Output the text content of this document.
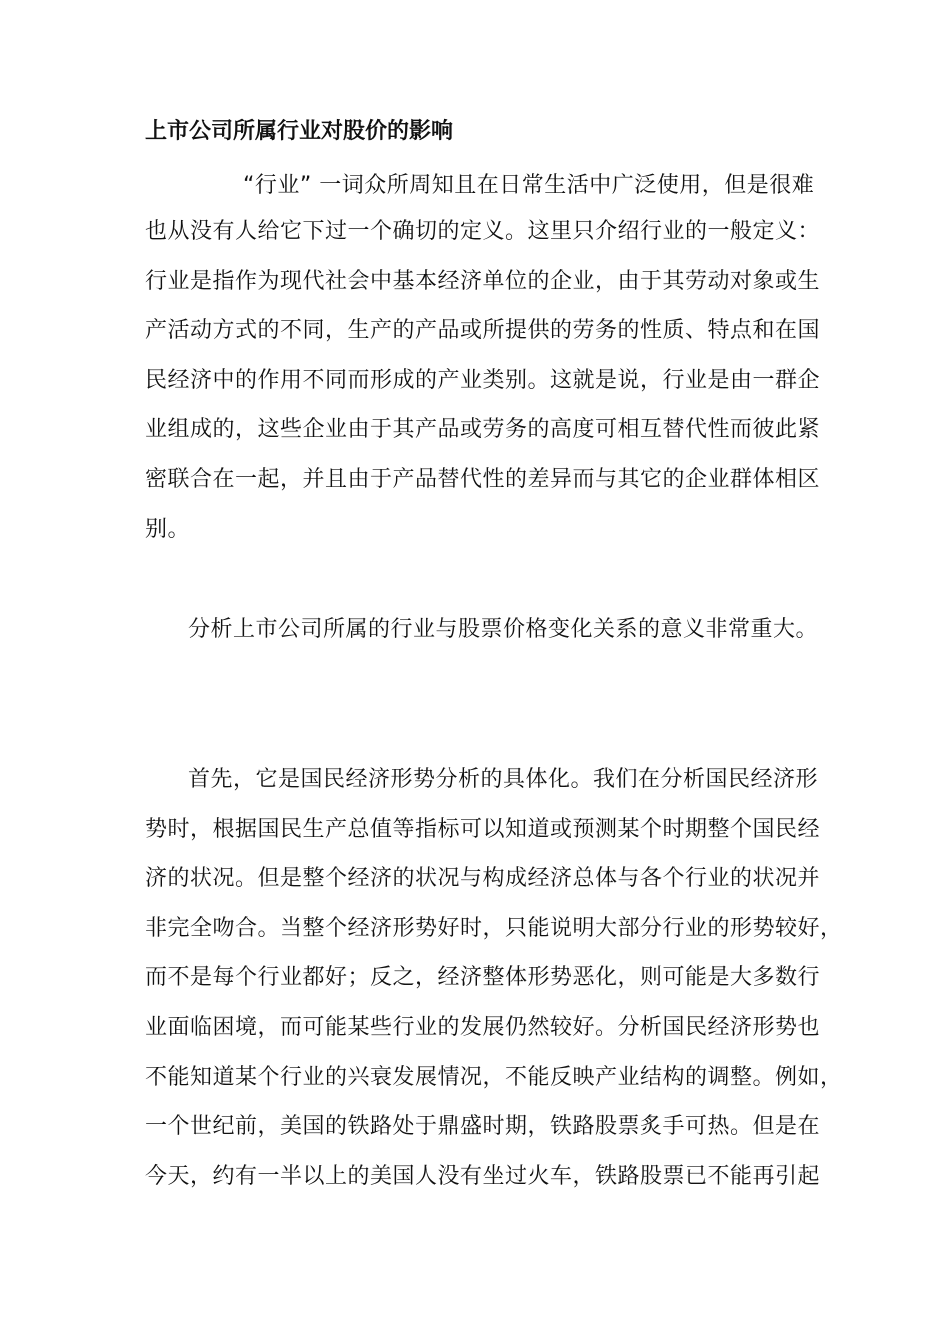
上市公司所属行业对股价的影响
“行业” 一词众所周知且在日常生活中广泛使用，但是很难
也从没有人给它下过一个确切的定义。这里只介绍行业的一般定义：
行业是指作为现代社会中基本经济单位的企业，由于其劳动对象或生
产活动方式的不同，生产的产品或所提供的劳务的性质、特点和在国
民经济中的作用不同而形成的产业类别。这就是说，行业是由一群企
业组成的，这些企业由于其产品或劳务的高度可相互替代性而彼此紧
密联合在一起，并且由于产品替代性的差异而与其它的企业群体相区
别。
分析上市公司所属的行业与股票价格变化关系的意义非常重大。
首先，它是国民经济形势分析的具体化。我们在分析国民经济形
势时，根据国民生产总值等指标可以知道或预测某个时期整个国民经
济的状况。但是整个经济的状况与构成经济总体与各个行业的状况并
非完全吻合。当整个经济形势好时，只能说明大部分行业的形势较好，
而不是每个行业都好；反之，经济整体形势恶化，则可能是大多数行
业面临困境，而可能某些行业的发展仍然较好。分析国民经济形势也
不能知道某个行业的兴衰发展情况，不能反映产业结构的调整。例如，
一个世纪前，美国的铁路处于鼎盛时期，铁路股票炙手可热。但是在
今天，约有一半以上的美国人没有坐过火车，铁路股票已不能再引起
